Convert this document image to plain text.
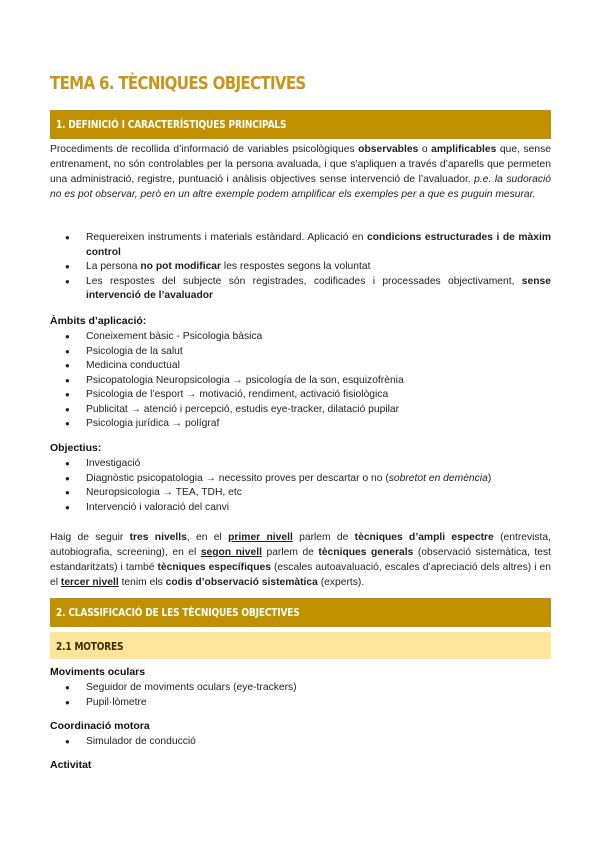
TEMA 6. TÈCNIQUES OBJECTIVES
1. DEFINICIÓ I CARACTERÍSTIQUES PRINCIPALS
Procediments de recollida d’informació de variables psicològiques observables o amplificables que, sense entrenament, no són controlables per la persona avaluada, i que s’apliquen a través d’aparells que permeten una administració, registre, puntuació i anàlisis objectives sense intervenció de l’avaluador. p.e. la sudoració no es pot observar, però en un altre exemple podem amplificar els exemples per a que es puguin mesurar.
● Requereixen instruments i materials estàndard. Aplicació en condicions estructurades i de màxim control
● La persona no pot modificar les respostes segons la voluntat
● Les respostes del subjecte són registrades, codificades i processades objectivament, sense intervenció de l’avaluador
Àmbits d’aplicació:
● Coneixement bàsic - Psicologia bàsica
● Psicologia de la salut
● Medicina conductual
● Psicopatologia Neuropsicologia → psicología de la son, esquizofrènia
● Psicologia de l’esport → motivació, rendiment, activació fisiològica
● Publicitat → atenció i percepció, estudis eye-tracker, dilatació pupilar
● Psicologia jurídica → polígraf
Objectius:
● Investigació
● Diagnòstic psicopatologia → necessito proves per descartar o no (sobretot en demència)
● Neuropsicologia → TEA, TDH, etc
● Intervenció i valoració del canvi
Haig de seguir tres nivells, en el primer nivell parlem de tècniques d’ampli espectre (entrevista, autobiografia, screening), en el segon nivell parlem de tècniques generals (observació sistemàtica, test estandaritzats) i també tècniques específiques (escales autoavaluació, escales d’apreciació dels altres) i en el tercer nivell tenim els codis d’observació sistemàtica (experts).
2. CLASSIFICACIÓ DE LES TÈCNIQUES OBJECTIVES
2.1 MOTORES
Moviments oculars
● Seguidor de moviments oculars (eye-trackers)
● Pupil·lòmetre
Coordinació motora
● Simulador de conducció
Activitat
